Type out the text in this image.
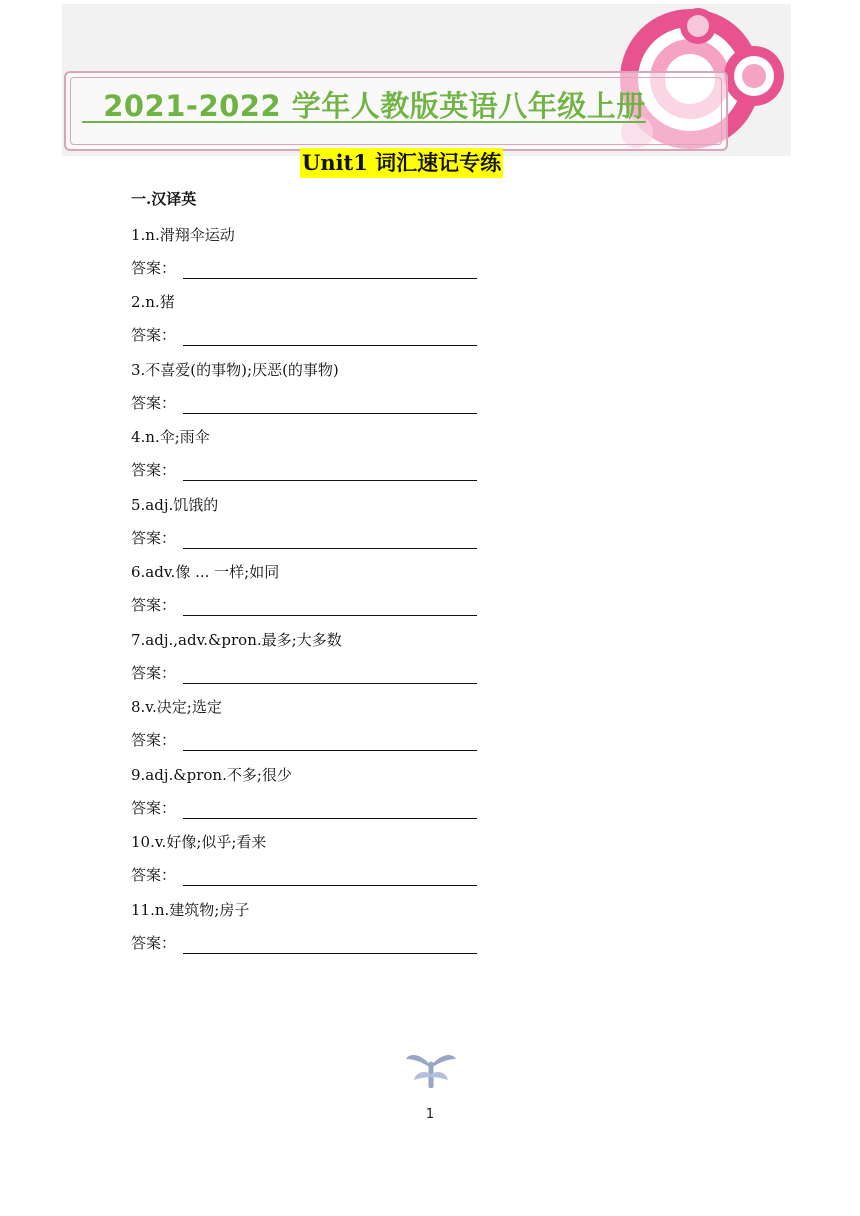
2021-2022 学年人教版英语八年级上册
Unit1 词汇速记专练
一.汉译英
1.n.滑翔伞运动
答案：
2.n.猪
答案：
3.不喜爱(的事物);厌恶(的事物)
答案：
4.n.伞;雨伞
答案：
5.adj.饥饿的
答案：
6.adv.像 ... 一样;如同
答案：
7.adj.,adv.&pron.最多;大多数
答案：
8.v.决定;选定
答案：
9.adj.&pron.不多;很少
答案：
10.v.好像;似乎;看来
答案：
11.n.建筑物;房子
答案：
1
